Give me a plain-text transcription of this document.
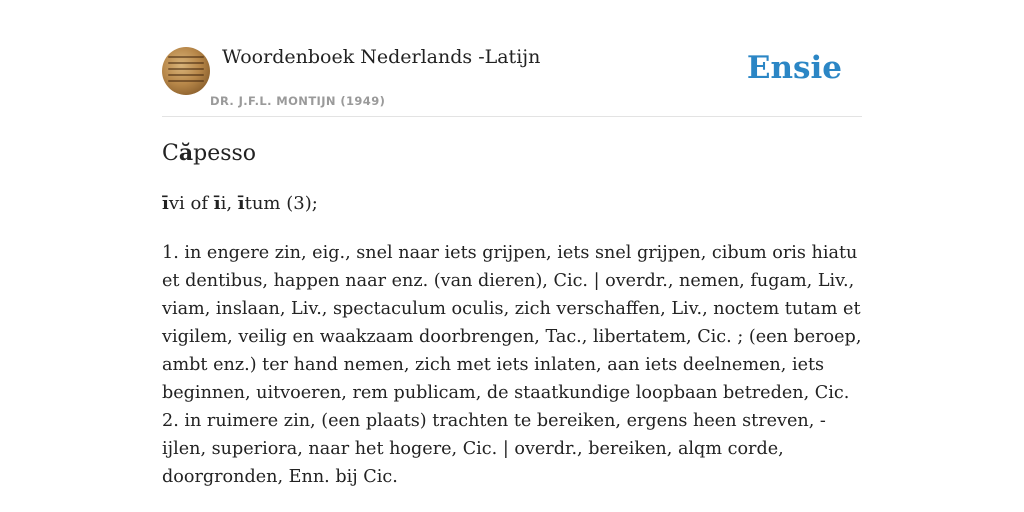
Woordenboek Nederlands -Latijn
DR. J.F.L. MONTIJN (1949)
Ensie
Căpesso
īvi of īi, ītum (3);

1. in engere zin, eig., snel naar iets grijpen, iets snel grijpen, cibum oris hiatu et dentibus, happen naar enz. (van dieren), Cic. | overdr., nemen, fugam, Liv., viam, inslaan, Liv., spectaculum oculis, zich verschaffen, Liv., noctem tutam et vigilem, veilig en waakzaam doorbrengen, Tac., libertatem, Cic. ; (een beroep, ambt enz.) ter hand nemen, zich met iets inlaten, aan iets deelnemen, iets beginnen, uitvoeren, rem publicam, de staatkundige loopbaan betreden, Cic.

2. in ruimere zin, (een plaats) trachten te bereiken, ergens heen streven, - ijlen, superiora, naar het hogere, Cic. | overdr., bereiken, alqm corde, doorgronden, Enn. bij Cic.
